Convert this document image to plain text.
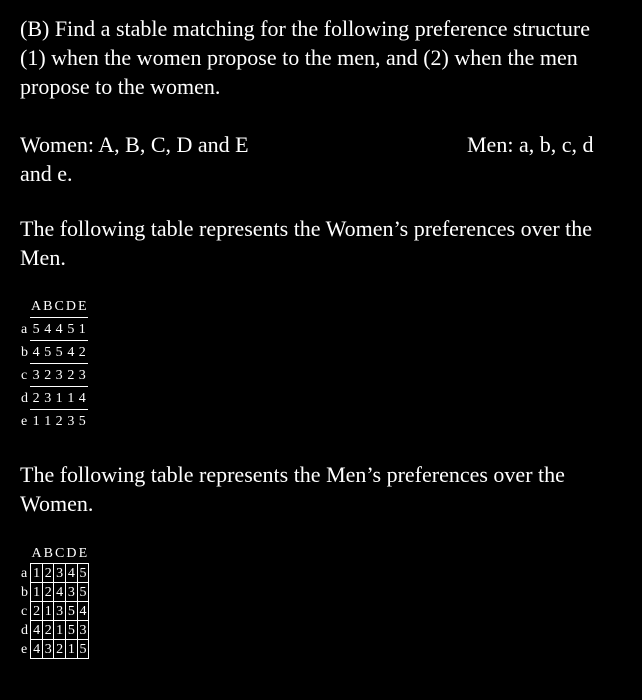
(B) Find a stable matching for the following preference structure (1) when the women propose to the men, and (2) when the men propose to the women.

Women: A, B, C, D and E	Men: a, b, c, d
and e.

The following table represents the Women’s preferences over the Men.

	A	B	C	D	E
a	5	4	4	5	1
b	4	5	5	4	2
c	3	2	3	2	3
d	2	3	1	1	4
e	1	1	2	3	5

The following table represents the Men’s preferences over the Women.

	A	B	C	D	E
a	1	2	3	4	5
b	1	2	4	3	5
c	2	1	3	5	4
d	4	2	1	5	3
e	4	3	2	1	5
